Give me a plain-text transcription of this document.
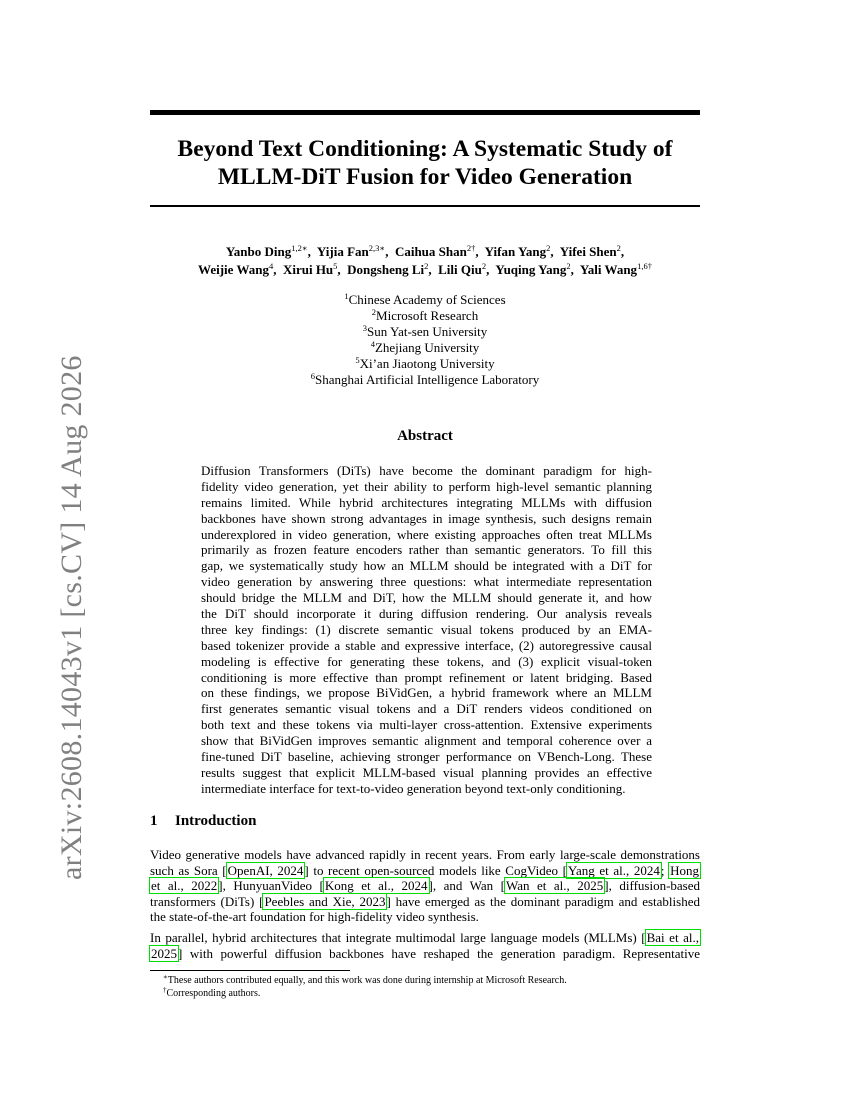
arXiv:2608.14043v1 [cs.CV] 14 Aug 2026
Beyond Text Conditioning: A Systematic Study of
MLLM-DiT Fusion for Video Generation
Yanbo Ding$^{1,2∗}$,  Yijia Fan$^{2,3∗}$,  Caihua Shan$^{2\dagger}$,  Yifan Yang$^2$,  Yifei Shen$^2$,
Weijie Wang$^4$,  Xirui Hu$^5$,  Dongsheng Li$^2$,  Lili Qiu$^2$,  Yuqing Yang$^2$,  Yali Wang$^{1,6\dagger}$
$^1$Chinese Academy of Sciences
$^2$Microsoft Research
$^3$Sun Yat-sen University
$^4$Zhejiang University
$^5$Xi’an Jiaotong University
$^6$Shanghai Artificial Intelligence Laboratory
Abstract
Diffusion Transformers (DiTs) have become the dominant paradigm for high-
fidelity video generation, yet their ability to perform high-level semantic planning
remains limited. While hybrid architectures integrating MLLMs with diffusion
backbones have shown strong advantages in image synthesis, such designs remain
underexplored in video generation, where existing approaches often treat MLLMs
primarily as frozen feature encoders rather than semantic generators. To fill this
gap, we systematically study how an MLLM should be integrated with a DiT for
video generation by answering three questions: what intermediate representation
should bridge the MLLM and DiT, how the MLLM should generate it, and how
the DiT should incorporate it during diffusion rendering. Our analysis reveals
three key findings: (1) discrete semantic visual tokens produced by an EMA-
based tokenizer provide a stable and expressive interface, (2) autoregressive causal
modeling is effective for generating these tokens, and (3) explicit visual-token
conditioning is more effective than prompt refinement or latent bridging. Based
on these findings, we propose BiVidGen, a hybrid framework where an MLLM
first generates semantic visual tokens and a DiT renders videos conditioned on
both text and these tokens via multi-layer cross-attention. Extensive experiments
show that BiVidGen improves semantic alignment and temporal coherence over a
fine-tuned DiT baseline, achieving stronger performance on VBench-Long. These
results suggest that explicit MLLM-based visual planning provides an effective
intermediate interface for text-to-video generation beyond text-only conditioning.
1 Introduction
Video generative models have advanced rapidly in recent years. From early large-scale demonstrations
such as Sora [OpenAI, 2024] to recent open-sourced models like CogVideo [Yang et al., 2024; Hong
et al., 2022], HunyuanVideo [Kong et al., 2024], and Wan [Wan et al., 2025], diffusion-based
transformers (DiTs) [Peebles and Xie, 2023] have emerged as the dominant paradigm and established
the state-of-the-art foundation for high-fidelity video synthesis.
In parallel, hybrid architectures that integrate multimodal large language models (MLLMs) [Bai et al.,
2025] with powerful diffusion backbones have reshaped the generation paradigm. Representative
∗These authors contributed equally, and this work was done during internship at Microsoft Research.
†Corresponding authors.
